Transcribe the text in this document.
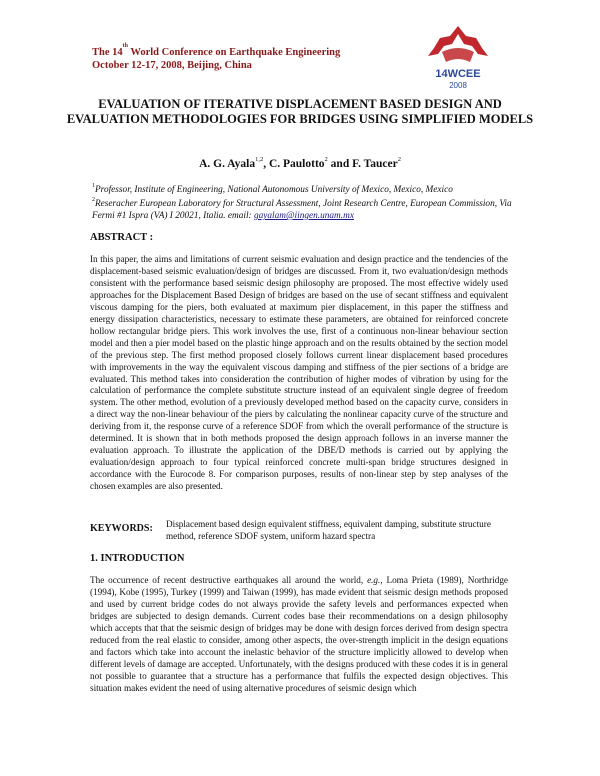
The 14th World Conference on Earthquake Engineering
October 12-17, 2008, Beijing, China
14WCEE
2008
EVALUATION OF ITERATIVE DISPLACEMENT BASED DESIGN AND EVALUATION METHODOLOGIES FOR BRIDGES USING SIMPLIFIED MODELS
A. G. Ayala$^{1,2}$, C. Paulotto$^2$ and F. Taucer$^2$
$^1$Professor, Institute of Engineering, National Autonomous University of Mexico, Mexico, Mexico
$^2$Reseracher European Laboratory for Structural Assessment, Joint Research Centre, European Commission, Via Fermi #1 Ispra (VA) I 20021, Italia. email: gayalam@iingen.unam.mx
ABSTRACT :

In this paper, the aims and limitations of current seismic evaluation and design practice and the tendencies of the displacement-based seismic evaluation/design of bridges are discussed. From it, two evaluation/design methods consistent with the performance based seismic design philosophy are proposed. The most effective widely used approaches for the Displacement Based Design of bridges are based on the use of secant stiffness and equivalent viscous damping for the piers, both evaluated at maximum pier displacement, in this paper the stiffness and energy dissipation characteristics, necessary to estimate these parameters, are obtained for reinforced concrete hollow rectangular bridge piers. This work involves the use, first of a continuous non-linear behaviour section model and then a pier model based on the plastic hinge approach and on the results obtained by the section model of the previous step. The first method proposed closely follows current linear displacement based procedures with improvements in the way the equivalent viscous damping and stiffness of the pier sections of a bridge are evaluated. This method takes into consideration the contribution of higher modes of vibration by using for the calculation of performance the complete substitute structure instead of an equivalent single degree of freedom system. The other method, evolution of a previously developed method based on the capacity curve, considers in a direct way the non-linear behaviour of the piers by calculating the nonlinear capacity curve of the structure and deriving from it, the response curve of a reference SDOF from which the overall performance of the structure is determined. It is shown that in both methods proposed the design approach follows in an inverse manner the evaluation approach. To illustrate the application of the DBE/D methods is carried out by applying the evaluation/design approach to four typical reinforced concrete multi-span bridge structures designed in accordance with the Eurocode 8. For comparison purposes, results of non-linear step by step analyses of the chosen examples are also presented.

KEYWORDS: Displacement based design equivalent stiffness, equivalent damping, substitute structure method, reference SDOF system, uniform hazard spectra
1. INTRODUCTION

The occurrence of recent destructive earthquakes all around the world, e.g., Loma Prieta (1989), Northridge (1994), Kobe (1995), Turkey (1999) and Taiwan (1999), has made evident that seismic design methods proposed and used by current bridge codes do not always provide the safety levels and performances expected when bridges are subjected to design demands. Current codes base their recommendations on a design philosophy which accepts that that the seismic design of bridges may be done with design forces derived from design spectra reduced from the real elastic to consider, among other aspects, the over-strength implicit in the design equations and factors which take into account the inelastic behavior of the structure implicitly allowed to develop when different levels of damage are accepted. Unfortunately, with the designs produced with these codes it is in general not possible to guarantee that a structure has a performance that fulfils the expected design objectives. This situation makes evident the need of using alternative procedures of seismic design which
